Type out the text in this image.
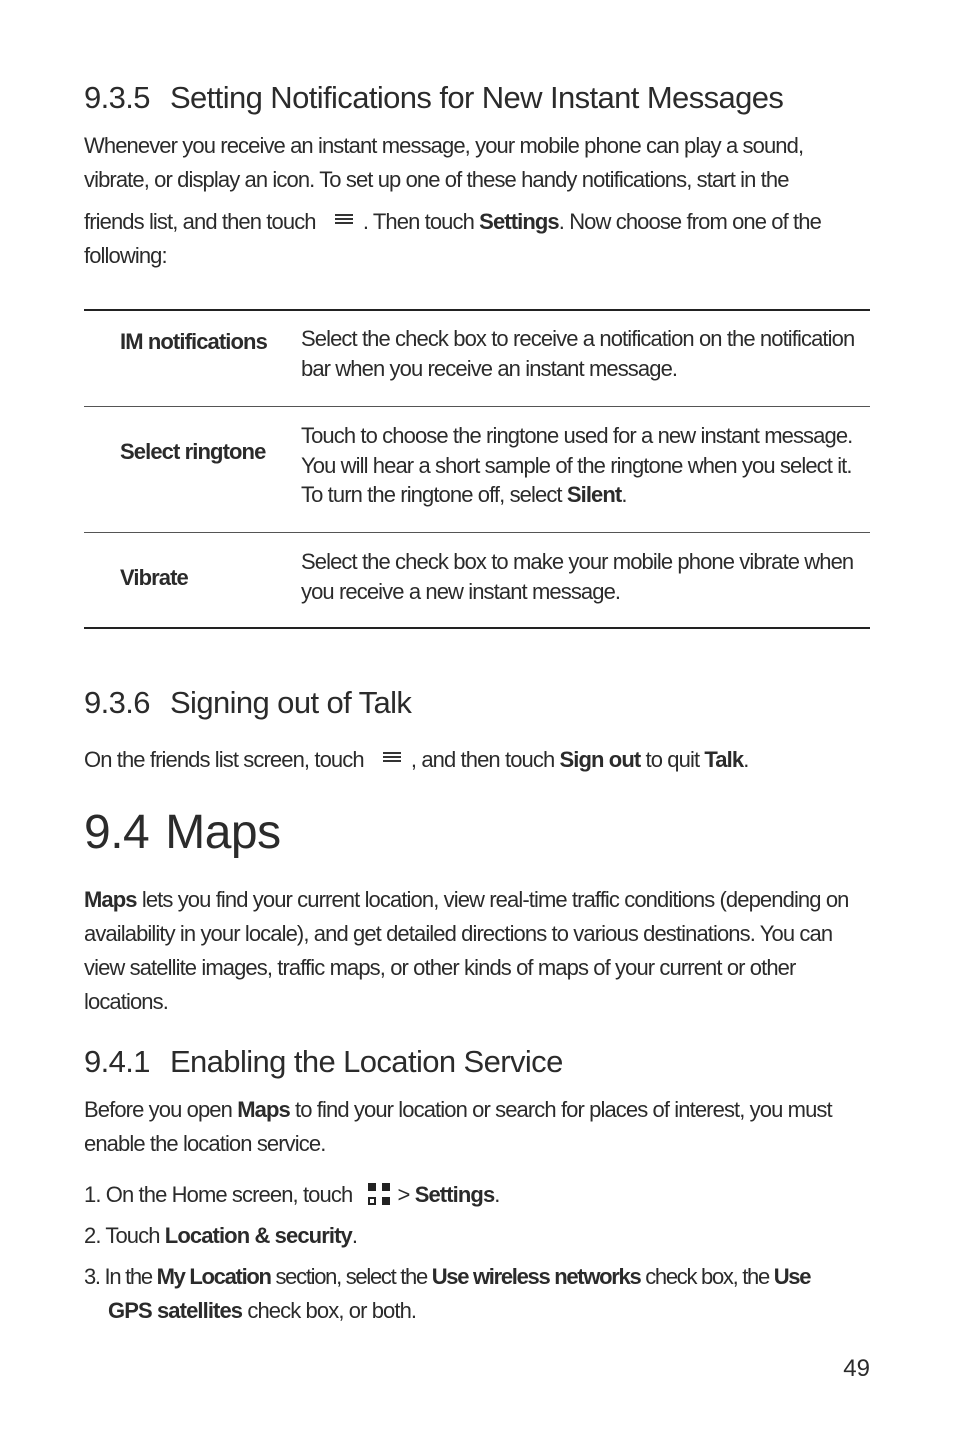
9.3.5 Setting Notifications for New Instant Messages
Whenever you receive an instant message, your mobile phone can play a sound, vibrate, or display an icon. To set up one of these handy notifications, start in the
friends list, and then touch . Then touch Settings. Now choose from one of the following:
IM notifications Select the check box to receive a notification on the notification bar when you receive an instant message.
Select ringtone
Touch to choose the ringtone used for a new instant message. You will hear a short sample of the ringtone when you select it. To turn the ringtone off, select Silent.
Vibrate
Select the check box to make your mobile phone vibrate when you receive a new instant message.
9.3.6 Signing out of Talk
On the friends list screen, touch , and then touch Sign out to quit Talk.
9.4 Maps
Maps lets you find your current location, view real-time traffic conditions (depending on availability in your locale), and get detailed directions to various destinations. You can view satellite images, traffic maps, or other kinds of maps of your current or other locations.
9.4.1 Enabling the Location Service
Before you open Maps to find your location or search for places of interest, you must enable the location service.
1. On the Home screen, touch > Settings.
2. Touch Location & security.
3. In the My Location section, select the Use wireless networks check box, the Use
GPS satellites check box, or both.
49
